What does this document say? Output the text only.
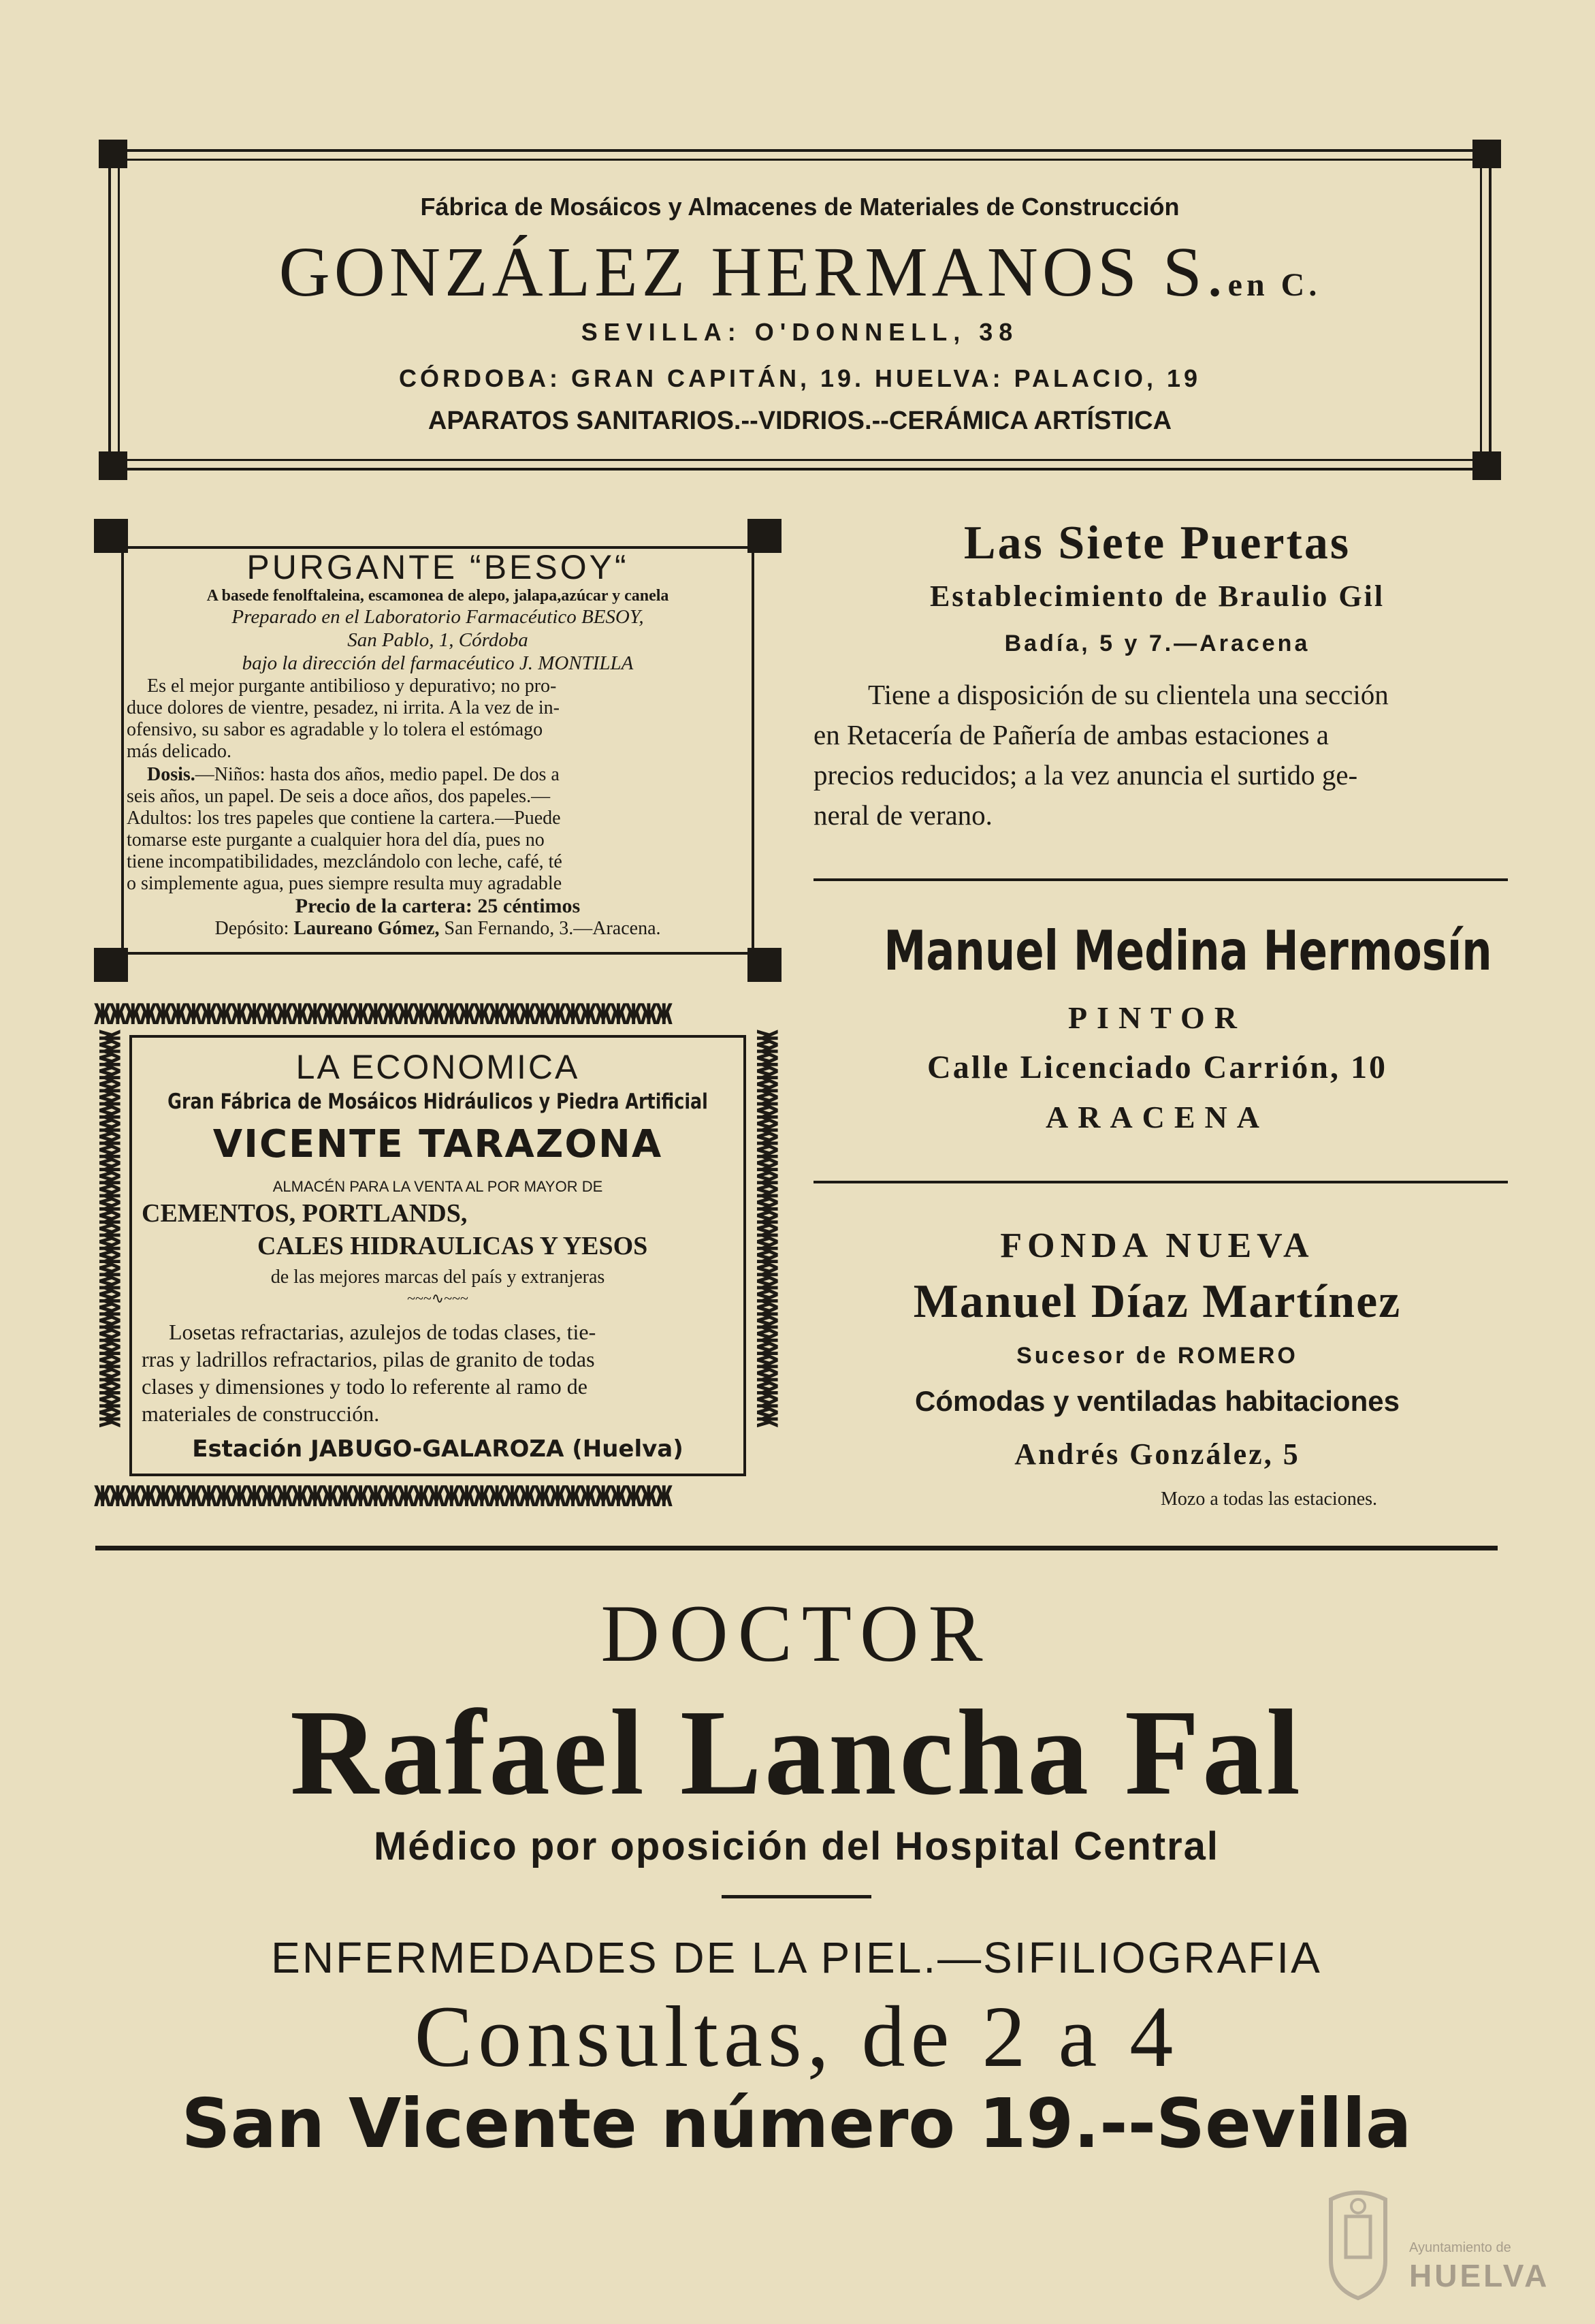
Fábrica de Mosáicos y Almacenes de Materiales de Construcción
GONZÁLEZ HERMANOS S.en C.
SEVILLA: O'DONNELL, 38
CÓRDOBA: GRAN CAPITÁN, 19. HUELVA: PALACIO, 19
APARATOS SANITARIOS.--VIDRIOS.--CERÁMICA ARTÍSTICA
PURGANTE “BESOY“
A basede fenolftaleina, escamonea de alepo, jalapa,azúcar y canela
Preparado en el Laboratorio Farmacéutico BESOY,
San Pablo, 1, Córdoba
bajo la dirección del farmacéutico J. MONTILLA
Es el mejor purgante antibilioso y depurativo; no pro-
duce dolores de vientre, pesadez, ni irrita. A la vez de in-
ofensivo, su sabor es agradable y lo tolera el estómago
más delicado.
Dosis.—Niños: hasta dos años, medio papel. De dos a
seis años, un papel. De seis a doce años, dos papeles.—
Adultos: los tres papeles que contiene la cartera.—Puede
tomarse este purgante a cualquier hora del día, pues no
tiene incompatibilidades, mezclándolo con leche, café, té
o simplemente agua, pues siempre resulta muy agradable
Precio de la cartera: 25 céntimos
Depósito: Laureano Gómez, San Fernando, 3.—Aracena.
ЖЖЖЖЖЖЖЖЖЖЖЖЖЖЖЖЖЖЖЖЖЖЖЖЖЖЖЖЖЖЖЖЖЖЖЖЖЖ
ЖЖЖЖЖЖЖЖЖЖЖЖЖЖЖЖЖЖЖЖЖЖЖЖЖЖЖЖЖЖЖЖЖЖЖЖЖЖ
ЖЖЖЖЖЖЖЖЖЖЖЖЖЖЖЖЖЖЖЖЖЖЖЖЖЖЖЖЖЖ	ЖЖЖЖЖЖЖЖЖЖЖЖЖЖЖЖЖЖЖЖЖЖЖЖЖЖЖЖЖЖ
LA ECONOMICA
Gran Fábrica de Mosáicos Hidráulicos y Piedra Artificial
VICENTE TARAZONA
ALMACÉN PARA LA VENTA AL POR MAYOR DE
CEMENTOS, PORTLANDS,
CALES HIDRAULICAS Y YESOS
de las mejores marcas del país y extranjeras
~~~∿~~~
Losetas refractarias, azulejos de todas clases, tie-
rras y ladrillos refractarios, pilas de granito de todas
clases y dimensiones y todo lo referente al ramo de
materiales de construcción.
Estación JABUGO-GALAROZA (Huelva)
Las Siete Puertas
Establecimiento de Braulio Gil
Badía, 5 y 7.—Aracena
Tiene a disposición de su clientela una sección
en Retacería de Pañería de ambas estaciones a
precios reducidos; a la vez anuncia el surtido ge-
neral de verano.
Manuel Medina Hermosín
PINTOR
Calle Licenciado Carrión, 10
ARACENA
FONDA NUEVA
Manuel Díaz Martínez
Sucesor de ROMERO
Cómodas y ventiladas habitaciones
Andrés González, 5
Mozo a todas las estaciones.
DOCTOR
Rafael Lancha Fal
Médico por oposición del Hospital Central
ENFERMEDADES DE LA PIEL.—SIFILIOGRAFIA
Consultas, de 2 a 4
San Vicente número 19.--Sevilla
Ayuntamiento de
HUELVA
